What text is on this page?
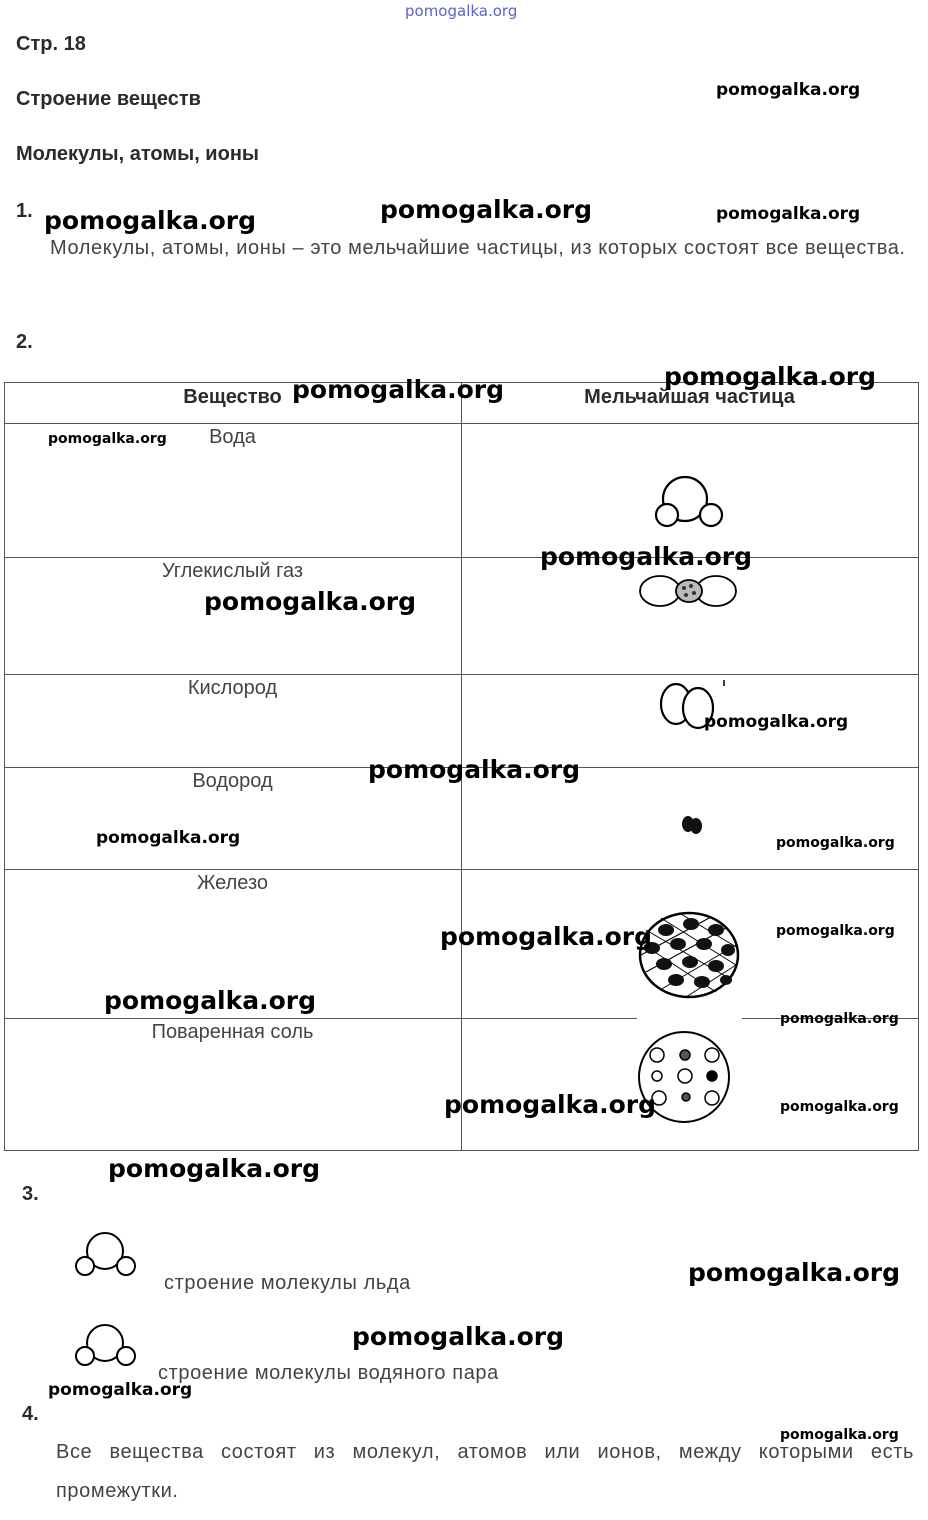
pomogalka.org
Стр. 18
Строение веществ
Молекулы, атомы, ионы
1.
Молекулы, атомы, ионы – это мельчайшие частицы, из которых состоят все вещества.
2.
Вещество	Мельчайшая частица
Вода
Углекислый газ
Кислород
Водород
Железо
Поваренная соль
3.
строение молекулы льда
строение молекулы водяного пара
4.
Все вещества состоят из молекул, атомов или ионов, между которыми есть промежутки.
pomogalka.org
pomogalka.org	pomogalka.org	pomogalka.org
pomogalka.org	pomogalka.org
pomogalka.org
pomogalka.org
pomogalka.org
pomogalka.org
pomogalka.org
pomogalka.org	pomogalka.org
pomogalka.org
pomogalka.org
pomogalka.org
pomogalka.org
pomogalka.org	pomogalka.org
pomogalka.org
pomogalka.org
pomogalka.org
pomogalka.org
pomogalka.org
